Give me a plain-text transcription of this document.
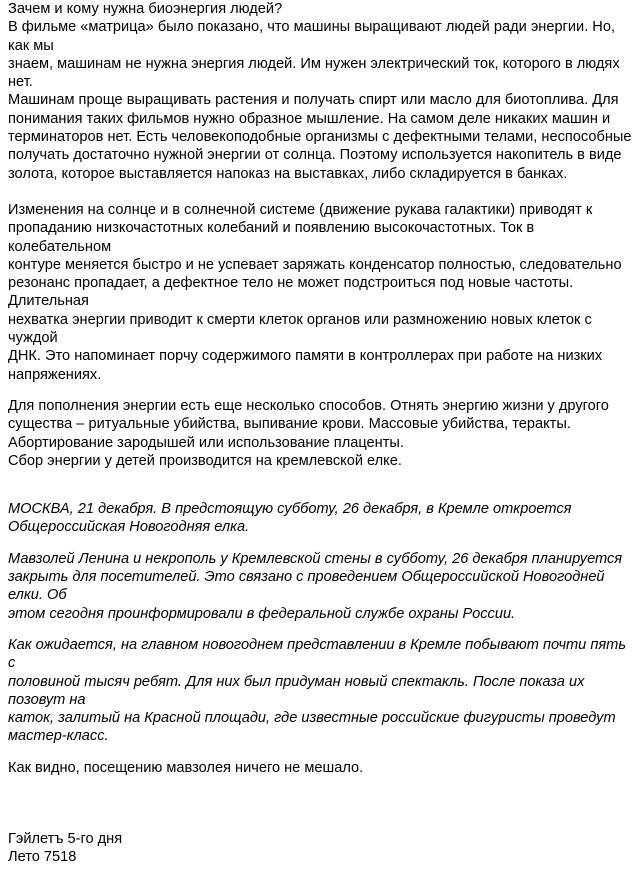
Зачем и кому нужна биоэнергия людей?

В фильме «матрица» было показано, что машины выращивают людей ради энергии. Но, как мы
знаем, машинам не нужна энергия людей. Им нужен электрический ток, которого в людях нет.
Машинам проще выращивать растения и получать спирт или масло для биотоплива. Для
понимания таких фильмов нужно образное мышление. На самом деле никаких машин и
терминаторов нет. Есть человекоподобные организмы с дефектными телами, неспособные
получать достаточно нужной энергии от солнца. Поэтому используется накопитель в виде
золота, которое выставляется напоказ на выставках, либо складируется в банках.

Изменения на солнце и в солнечной системе (движение рукава галактики) приводят к
пропаданию низкочастотных колебаний и появлению высокочастотных. Ток в колебательном
контуре меняется быстро и не успевает заряжать конденсатор полностью, следовательно
резонанс пропадает, а дефектное тело не может подстроиться под новые частоты. Длительная
нехватка энергии приводит к смерти клеток органов или размножению новых клеток с чуждой
ДНК. Это напоминает порчу содержимого памяти в контроллерах при работе на низких
напряжениях.

Для пополнения энергии есть еще несколько способов. Отнять энергию жизни у другого
существа – ритуальные убийства, выпивание крови. Массовые убийства, теракты.
Абортирование зародышей или использование плаценты.
Сбор энергии у детей производится на кремлевской елке.

МОСКВА, 21 декабря. В предстоящую субботу, 26 декабря, в Кремле откроется
Общероссийская Новогодняя елка.

Мавзолей Ленина и некрополь у Кремлевской стены в субботу, 26 декабря планируется
закрыть для посетителей. Это связано с проведением Общероссийской Новогодней елки. Об
этом сегодня проинформировали в федеральной службе охраны России.

Как ожидается, на главном новогоднем представлении в Кремле побывают почти пять с
половиной тысяч ребят. Для них был придуман новый спектакль. После показа их позовут на
каток, залитый на Красной площади, где известные российские фигуристы проведут
мастер-класс.

Как видно, посещению мавзолея ничего не мешало.

Гэйлетъ 5-го дня

Лето 7518
